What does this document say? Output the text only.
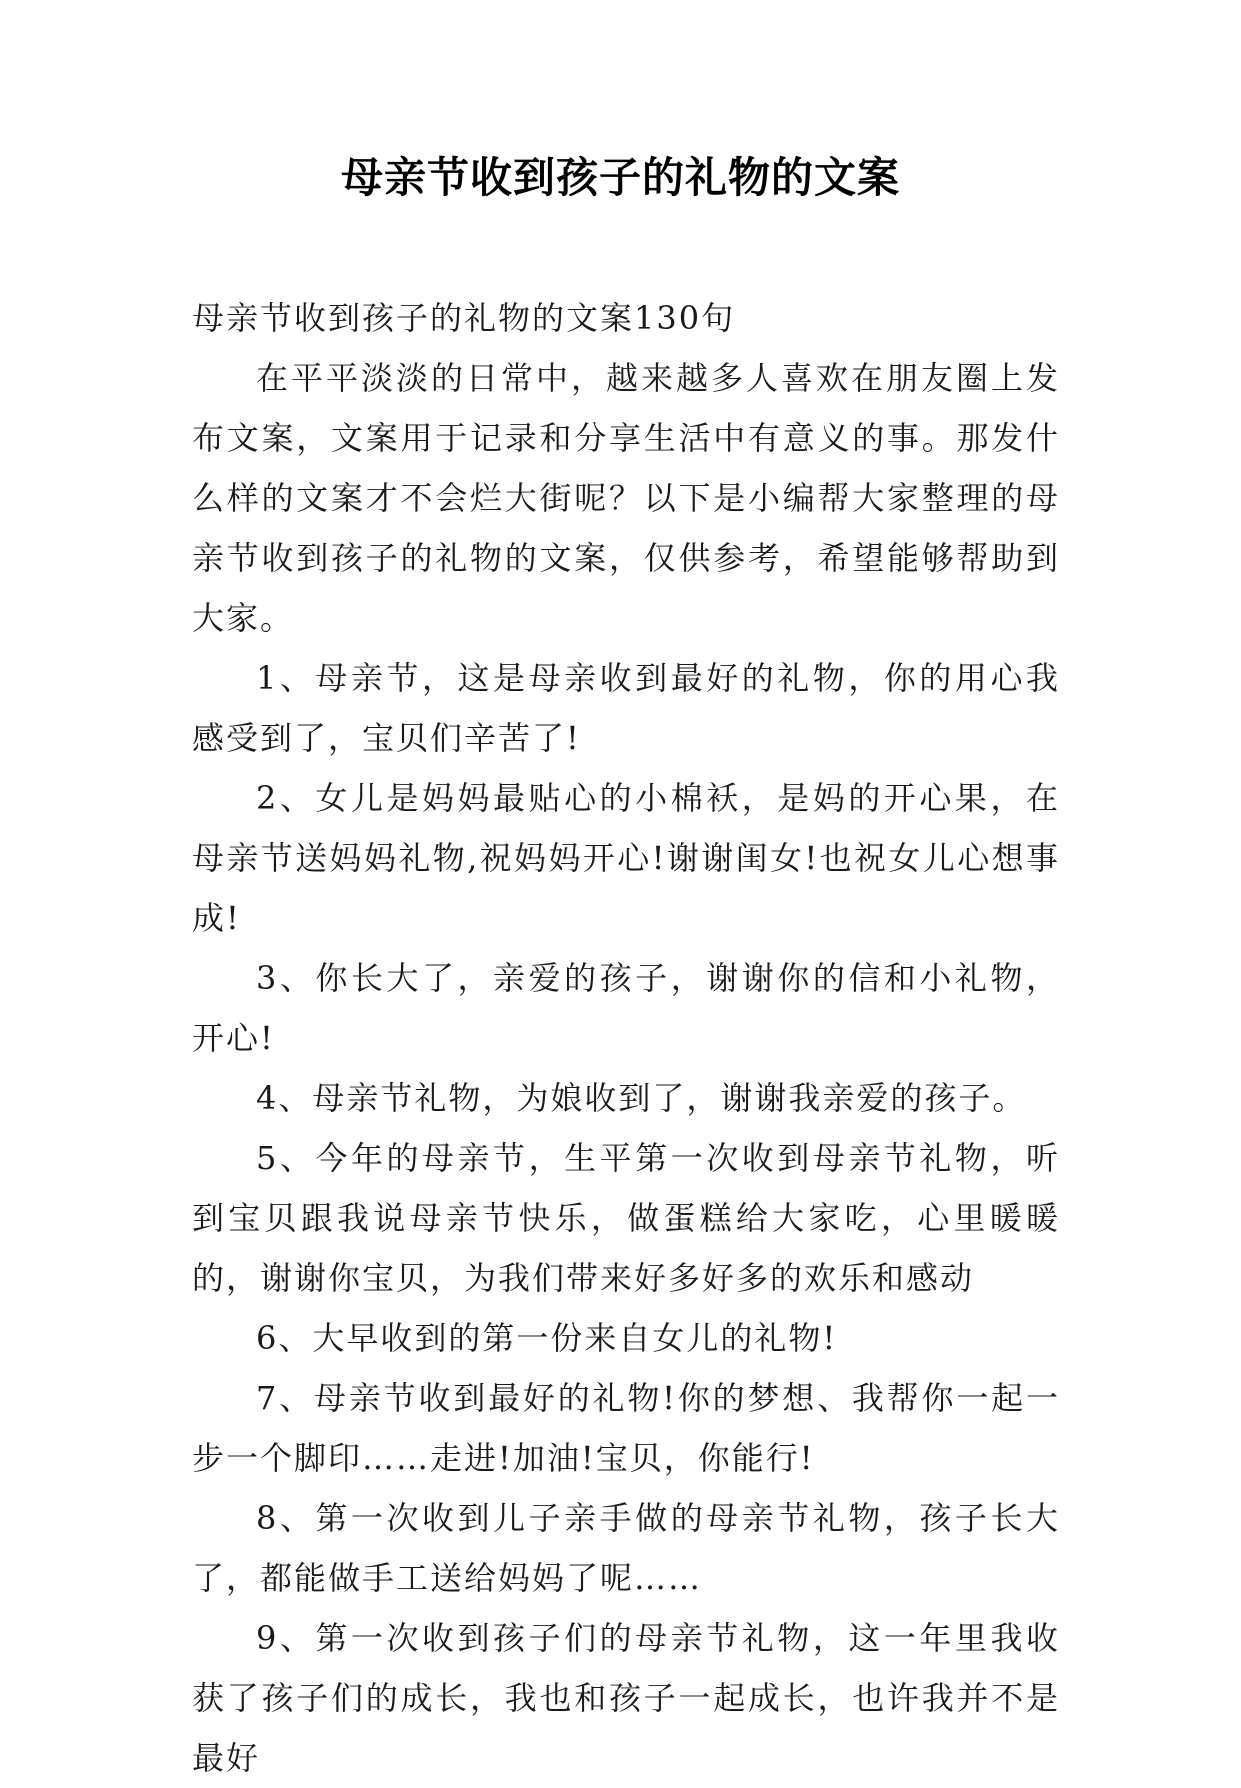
母亲节收到孩子的礼物的文案

母亲节收到孩子的礼物的文案130句

在平平淡淡的日常中，越来越多人喜欢在朋友圈上发布文案，文案用于记录和分享生活中有意义的事。那发什么样的文案才不会烂大街呢？以下是小编帮大家整理的母亲节收到孩子的礼物的文案，仅供参考，希望能够帮助到大家。

1、母亲节，这是母亲收到最好的礼物，你的用心我感受到了，宝贝们辛苦了!

2、女儿是妈妈最贴心的小棉袄，是妈的开心果，在母亲节送妈妈礼物,祝妈妈开心!谢谢闺女!也祝女儿心想事成!

3、你长大了，亲爱的孩子，谢谢你的信和小礼物，开心!

4、母亲节礼物，为娘收到了，谢谢我亲爱的孩子。

5、今年的母亲节，生平第一次收到母亲节礼物，听到宝贝跟我说母亲节快乐，做蛋糕给大家吃，心里暖暖的，谢谢你宝贝，为我们带来好多好多的欢乐和感动

6、大早收到的第一份来自女儿的礼物!

7、母亲节收到最好的礼物!你的梦想、我帮你一起一步一个脚印……走进!加油!宝贝，你能行!

8、第一次收到儿子亲手做的母亲节礼物，孩子长大了，都能做手工送给妈妈了呢……

9、第一次收到孩子们的母亲节礼物，这一年里我收获了孩子们的成长，我也和孩子一起成长，也许我并不是最好
